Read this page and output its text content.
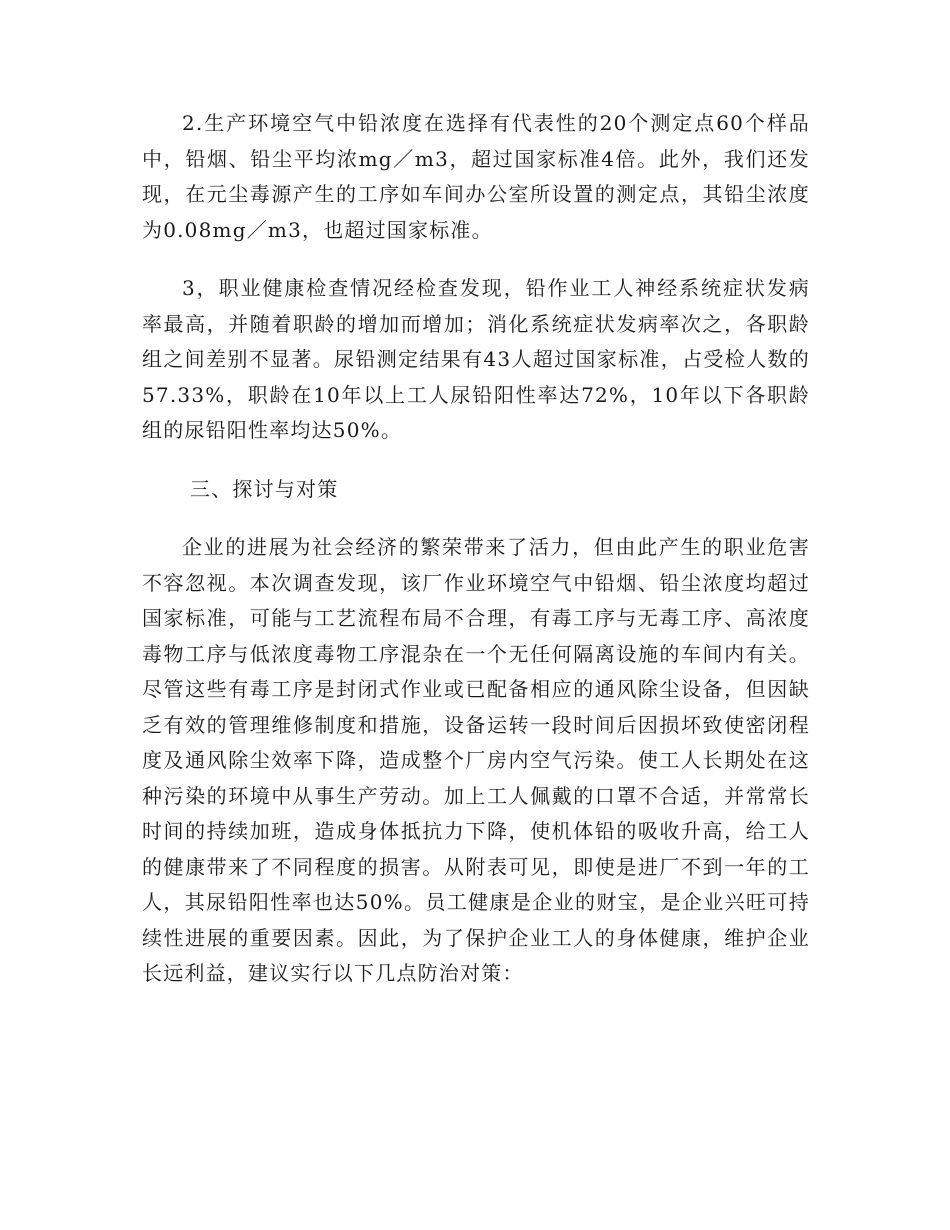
2.生产环境空气中铅浓度在选择有代表性的20个测定点60个样品中，铅烟、铅尘平均浓mg／m3，超过国家标准4倍。此外，我们还发现，在元尘毒源产生的工序如车间办公室所设置的测定点，其铅尘浓度为0.08mg／m3，也超过国家标准。

3，职业健康检查情况经检查发现，铅作业工人神经系统症状发病率最高，并随着职龄的增加而增加；消化系统症状发病率次之，各职龄组之间差别不显著。尿铅测定结果有43人超过国家标准，占受检人数的57.33%，职龄在10年以上工人尿铅阳性率达72%，10年以下各职龄组的尿铅阳性率均达50%。

三、探讨与对策

企业的进展为社会经济的繁荣带来了活力，但由此产生的职业危害不容忽视。本次调查发现，该厂作业环境空气中铅烟、铅尘浓度均超过国家标准，可能与工艺流程布局不合理，有毒工序与无毒工序、高浓度毒物工序与低浓度毒物工序混杂在一个无任何隔离设施的车间内有关。尽管这些有毒工序是封闭式作业或已配备相应的通风除尘设备，但因缺乏有效的管理维修制度和措施，设备运转一段时间后因损坏致使密闭程度及通风除尘效率下降，造成整个厂房内空气污染。使工人长期处在这种污染的环境中从事生产劳动。加上工人佩戴的口罩不合适，并常常长时间的持续加班，造成身体抵抗力下降，使机体铅的吸收升高，给工人的健康带来了不同程度的损害。从附表可见，即使是进厂不到一年的工人，其尿铅阳性率也达50%。员工健康是企业的财宝，是企业兴旺可持续性进展的重要因素。因此，为了保护企业工人的身体健康，维护企业长远利益，建议实行以下几点防治对策：
